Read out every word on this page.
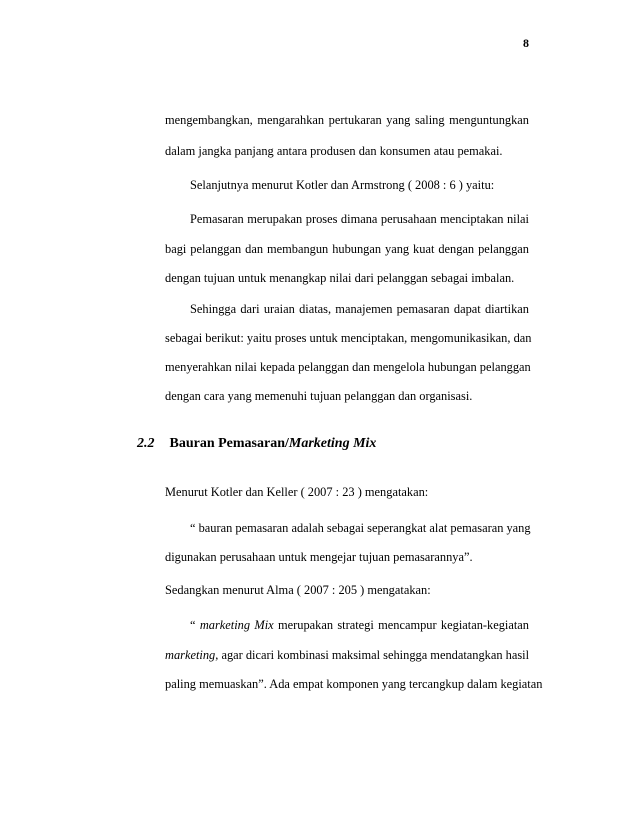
8
mengembangkan, mengarahkan pertukaran yang saling menguntungkan
dalam jangka panjang antara produsen dan konsumen atau pemakai.
Selanjutnya menurut Kotler dan Armstrong ( 2008 : 6 ) yaitu:
Pemasaran merupakan proses dimana perusahaan menciptakan nilai
bagi pelanggan dan membangun hubungan yang kuat dengan pelanggan
dengan tujuan untuk menangkap nilai dari pelanggan sebagai imbalan.
Sehingga dari uraian diatas, manajemen pemasaran dapat diartikan
sebagai berikut: yaitu proses untuk menciptakan, mengomunikasikan, dan
menyerahkan nilai kepada pelanggan dan mengelola hubungan pelanggan
dengan cara yang memenuhi tujuan pelanggan dan organisasi.
2.2 Bauran Pemasaran/Marketing Mix
Menurut Kotler dan Keller ( 2007 : 23 ) mengatakan:
“ bauran pemasaran adalah sebagai seperangkat alat pemasaran yang
digunakan perusahaan untuk mengejar tujuan pemasarannya”.
Sedangkan menurut Alma ( 2007 : 205 ) mengatakan:
“ marketing Mix merupakan strategi mencampur kegiatan-kegiatan
marketing, agar dicari kombinasi maksimal sehingga mendatangkan hasil
paling memuaskan”. Ada empat komponen yang tercangkup dalam kegiatan
